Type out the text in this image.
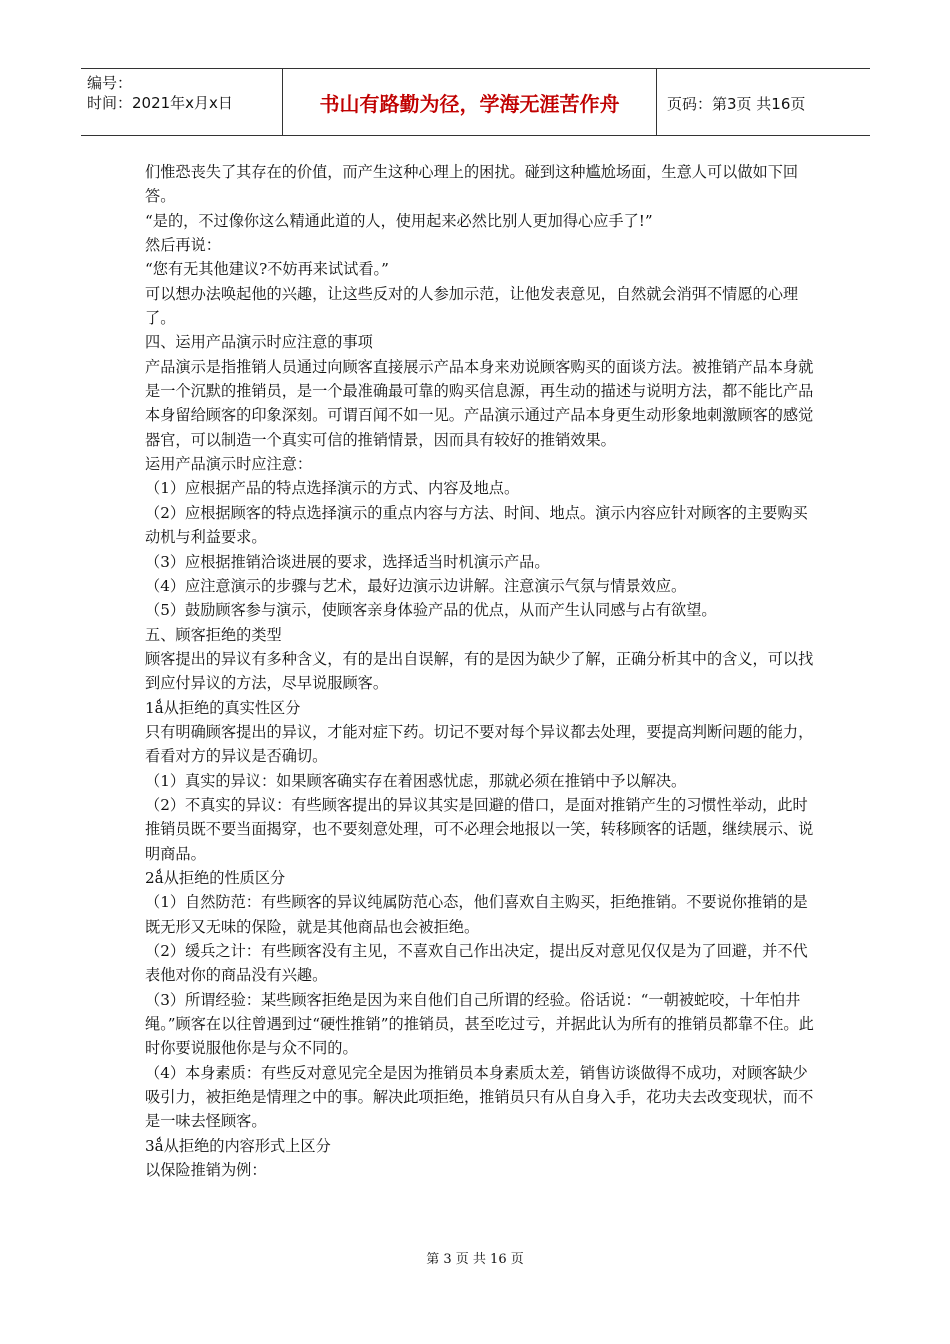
编号：
时间：2021年x月x日	书山有路勤为径，学海无涯苦作舟	页码：第3页 共16页

们惟恐丧失了其存在的价值，而产生这种心理上的困扰。碰到这种尴尬场面，生意人可以做如下回答。

“是的，不过像你这么精通此道的人，使用起来必然比别人更加得心应手了!”

然后再说：

“您有无其他建议?不妨再来试试看。”

可以想办法唤起他的兴趣，让这些反对的人参加示范，让他发表意见，自然就会消弭不情愿的心理了。

四、运用产品演示时应注意的事项

产品演示是指推销人员通过向顾客直接展示产品本身来劝说顾客购买的面谈方法。被推销产品本身就是一个沉默的推销员，是一个最准确最可靠的购买信息源，再生动的描述与说明方法，都不能比产品本身留给顾客的印象深刻。可谓百闻不如一见。产品演示通过产品本身更生动形象地刺激顾客的感觉器官，可以制造一个真实可信的推销情景，因而具有较好的推销效果。

运用产品演示时应注意：

（1）应根据产品的特点选择演示的方式、内容及地点。

（2）应根据顾客的特点选择演示的重点内容与方法、时间、地点。演示内容应针对顾客的主要购买动机与利益要求。

（3）应根据推销洽谈进展的要求，选择适当时机演示产品。

（4）应注意演示的步骤与艺术，最好边演示边讲解。注意演示气氛与情景效应。

（5）鼓励顾客参与演示，使顾客亲身体验产品的优点，从而产生认同感与占有欲望。

五、顾客拒绝的类型

顾客提出的异议有多种含义，有的是出自误解，有的是因为缺少了解，正确分析其中的含义，可以找到应付异议的方法，尽早说服顾客。

1ǻ从拒绝的真实性区分

只有明确顾客提出的异议，才能对症下药。切记不要对每个异议都去处理，要提高判断问题的能力，看看对方的异议是否确切。

（1）真实的异议：如果顾客确实存在着困惑忧虑，那就必须在推销中予以解决。

（2）不真实的异议：有些顾客提出的异议其实是回避的借口，是面对推销产生的习惯性举动，此时推销员既不要当面揭穿，也不要刻意处理，可不必理会地报以一笑，转移顾客的话题，继续展示、说明商品。

2ǻ从拒绝的性质区分

（1）自然防范：有些顾客的异议纯属防范心态，他们喜欢自主购买，拒绝推销。不要说你推销的是既无形又无味的保险，就是其他商品也会被拒绝。

（2）缓兵之计：有些顾客没有主见，不喜欢自己作出决定，提出反对意见仅仅是为了回避，并不代表他对你的商品没有兴趣。

（3）所谓经验：某些顾客拒绝是因为来自他们自己所谓的经验。俗话说：“一朝被蛇咬，十年怕井绳。”顾客在以往曾遇到过“硬性推销”的推销员，甚至吃过亏，并据此认为所有的推销员都靠不住。此时你要说服他你是与众不同的。

（4）本身素质：有些反对意见完全是因为推销员本身素质太差，销售访谈做得不成功，对顾客缺少吸引力，被拒绝是情理之中的事。解决此项拒绝，推销员只有从自身入手，花功夫去改变现状，而不是一味去怪顾客。

3ǻ从拒绝的内容形式上区分

以保险推销为例：

第 3 页 共 16 页
